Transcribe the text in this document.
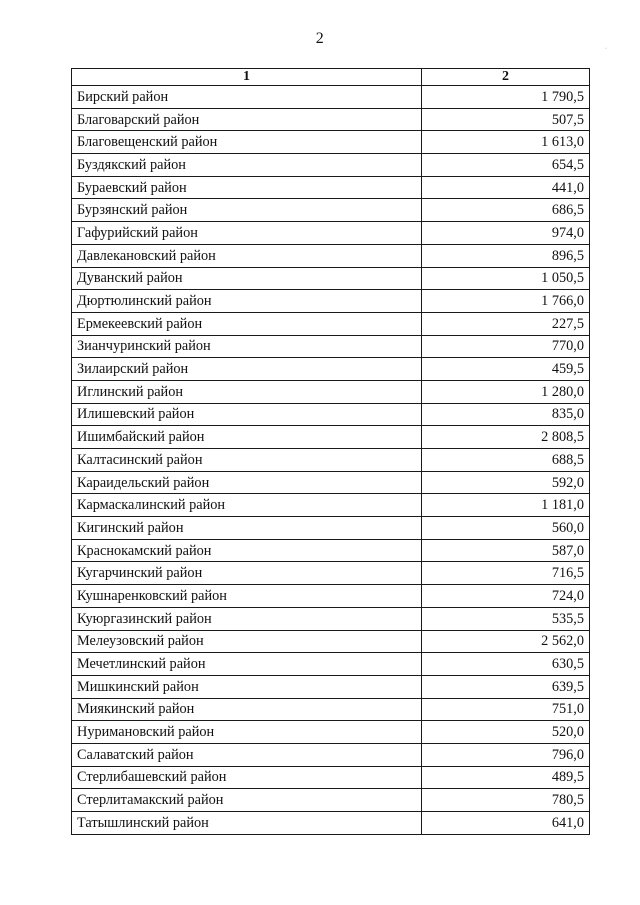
2
·
1	2
Бирский район	1 790,5
Благоварский район	507,5
Благовещенский район	1 613,0
Буздякский район	654,5
Бураевский район	441,0
Бурзянский район	686,5
Гафурийский район	974,0
Давлекановский район	896,5
Дуванский район	1 050,5
Дюртюлинский район	1 766,0
Ермекеевский район	227,5
Зианчуринский район	770,0
Зилаирский район	459,5
Иглинский район	1 280,0
Илишевский район	835,0
Ишимбайский район	2 808,5
Калтасинский район	688,5
Караидельский район	592,0
Кармаскалинский район	1 181,0
Кигинский район	560,0
Краснокамский район	587,0
Кугарчинский район	716,5
Кушнаренковский район	724,0
Куюргазинский район	535,5
Мелеузовский район	2 562,0
Мечетлинский район	630,5
Мишкинский район	639,5
Миякинский район	751,0
Нуримановский район	520,0
Салаватский район	796,0
Стерлибашевский район	489,5
Стерлитамакский район	780,5
Татышлинский район	641,0
